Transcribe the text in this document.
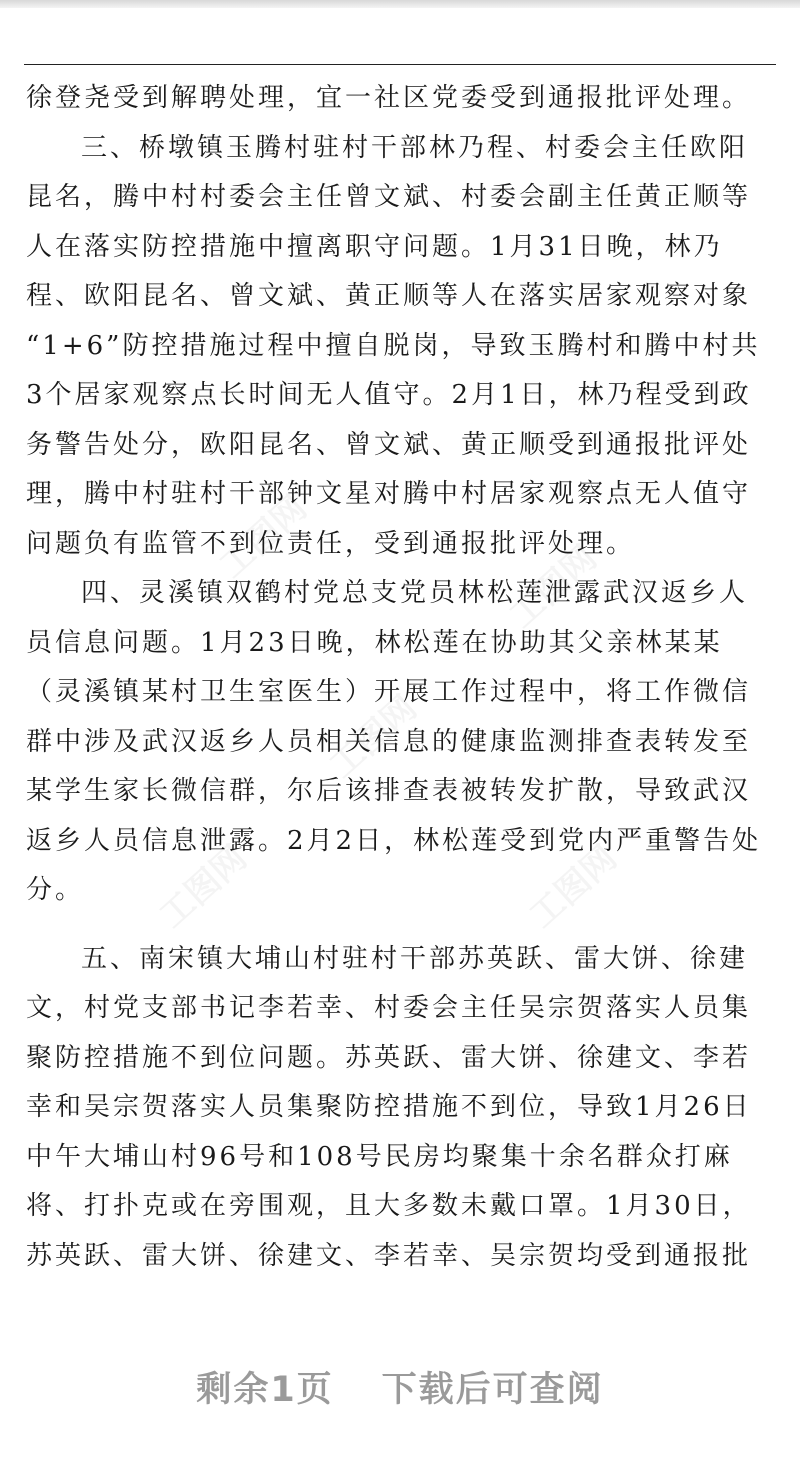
徐登尧受到解聘处理，宜一社区党委受到通报批评处理。
三、桥墩镇玉腾村驻村干部林乃程、村委会主任欧阳
昆名，腾中村村委会主任曾文斌、村委会副主任黄正顺等
人在落实防控措施中擅离职守问题。1月31日晚，林乃
程、欧阳昆名、曾文斌、黄正顺等人在落实居家观察对象
“1+6”防控措施过程中擅自脱岗，导致玉腾村和腾中村共
3个居家观察点长时间无人值守。2月1日，林乃程受到政
务警告处分，欧阳昆名、曾文斌、黄正顺受到通报批评处
理，腾中村驻村干部钟文星对腾中村居家观察点无人值守
问题负有监管不到位责任，受到通报批评处理。
四、灵溪镇双鹤村党总支党员林松莲泄露武汉返乡人
员信息问题。1月23日晚，林松莲在协助其父亲林某某
（灵溪镇某村卫生室医生）开展工作过程中，将工作微信
群中涉及武汉返乡人员相关信息的健康监测排查表转发至
某学生家长微信群，尔后该排查表被转发扩散，导致武汉
返乡人员信息泄露。2月2日，林松莲受到党内严重警告处
分。
五、南宋镇大埔山村驻村干部苏英跃、雷大饼、徐建
文，村党支部书记李若幸、村委会主任吴宗贺落实人员集
聚防控措施不到位问题。苏英跃、雷大饼、徐建文、李若
幸和吴宗贺落实人员集聚防控措施不到位，导致1月26日
中午大埔山村96号和108号民房均聚集十余名群众打麻
将、打扑克或在旁围观，且大多数未戴口罩。1月30日，
苏英跃、雷大饼、徐建文、李若幸、吴宗贺均受到通报批
剩余1页 下载后可查阅
